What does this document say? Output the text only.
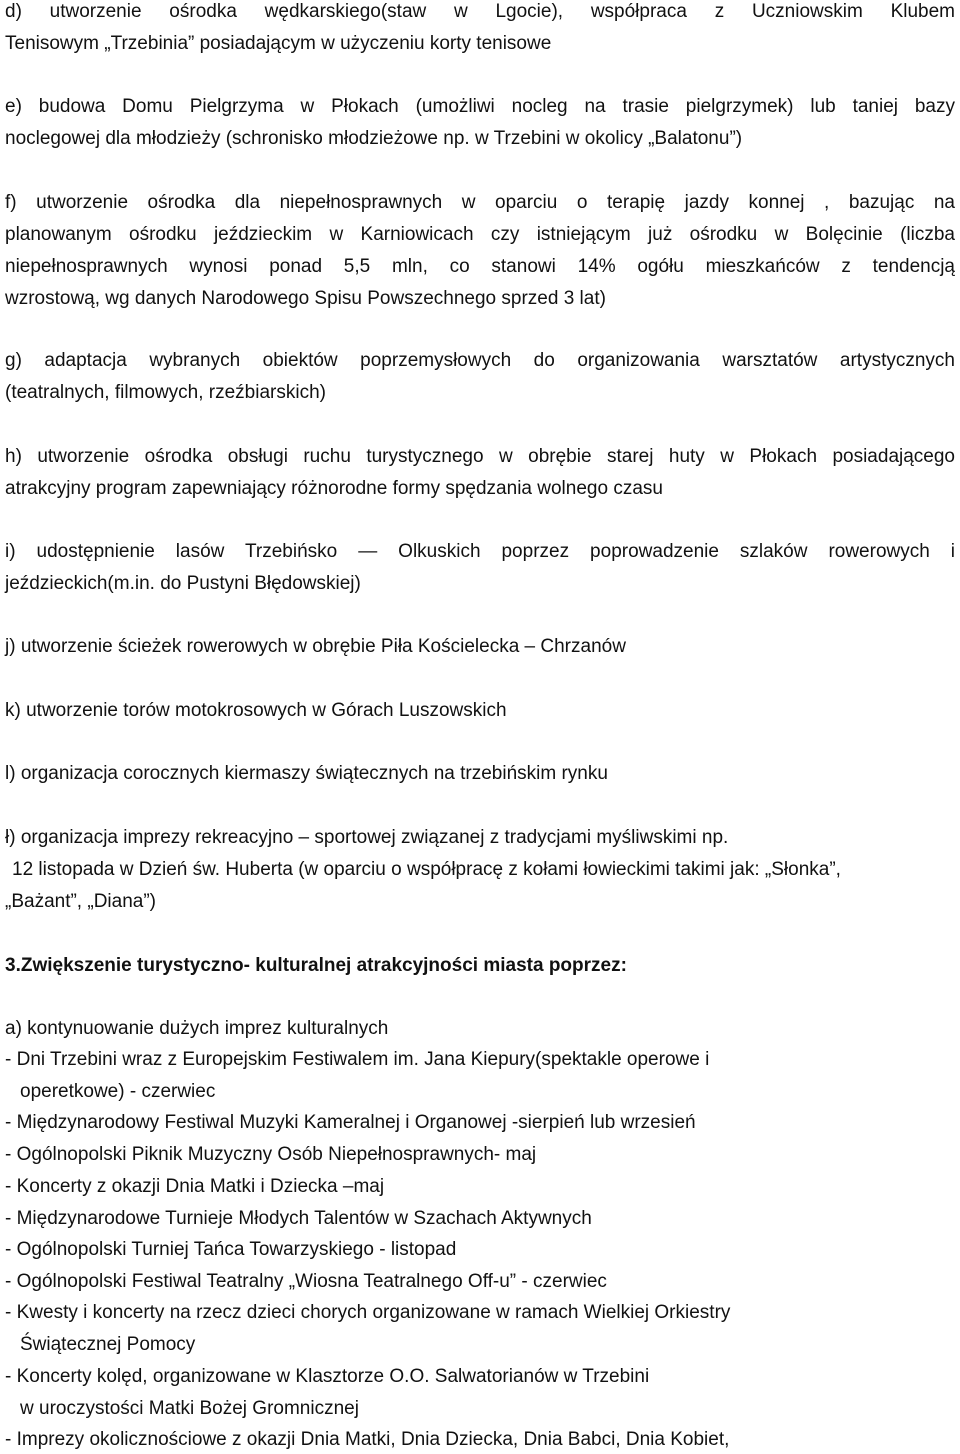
d) utworzenie ośrodka wędkarskiego(staw w Lgocie), współpraca z Uczniowskim Klubem
Tenisowym „Trzebinia” posiadającym w użyczeniu korty tenisowe
e) budowa Domu Pielgrzyma w Płokach (umożliwi nocleg na trasie pielgrzymek) lub taniej bazy
noclegowej dla młodzieży (schronisko młodzieżowe np. w Trzebini w okolicy „Balatonu”)
f) utworzenie ośrodka dla niepełnosprawnych w oparciu o terapię jazdy konnej , bazując na
planowanym ośrodku jeździeckim w Karniowicach czy istniejącym już ośrodku w Bolęcinie (liczba
niepełnosprawnych wynosi ponad 5,5 mln, co stanowi 14% ogółu mieszkańców z tendencją
wzrostową, wg danych Narodowego Spisu Powszechnego sprzed 3 lat)
g) adaptacja wybranych obiektów poprzemysłowych do organizowania warsztatów artystycznych
(teatralnych, filmowych, rzeźbiarskich)
h) utworzenie ośrodka obsługi ruchu turystycznego w obrębie starej huty w Płokach posiadającego
atrakcyjny program zapewniający różnorodne formy spędzania wolnego czasu
i) udostępnienie lasów Trzebińsko — Olkuskich poprzez poprowadzenie szlaków rowerowych i
jeździeckich(m.in. do Pustyni Błędowskiej)
j) utworzenie ścieżek rowerowych w obrębie Piła Kościelecka – Chrzanów
k) utworzenie torów motokrosowych w Górach Luszowskich
l) organizacja corocznych kiermaszy świątecznych na trzebińskim rynku
ł) organizacja imprezy rekreacyjno – sportowej związanej z tradycjami myśliwskimi np.
12 listopada w Dzień św. Huberta (w oparciu o współpracę z kołami łowieckimi takimi jak: „Słonka”,
„Bażant”, „Diana”)
3.Zwiększenie turystyczno- kulturalnej atrakcyjności miasta poprzez:
a) kontynuowanie dużych imprez kulturalnych
- Dni Trzebini wraz z Europejskim Festiwalem im. Jana Kiepury(spektakle operowe i
operetkowe) - czerwiec
- Międzynarodowy Festiwal Muzyki Kameralnej i Organowej -sierpień lub wrzesień
- Ogólnopolski Piknik Muzyczny Osób Niepełnosprawnych- maj
- Koncerty z okazji Dnia Matki i Dziecka –maj
- Międzynarodowe Turnieje Młodych Talentów w Szachach Aktywnych
- Ogólnopolski Turniej Tańca Towarzyskiego - listopad
- Ogólnopolski Festiwal Teatralny „Wiosna Teatralnego Off-u” - czerwiec
- Kwesty i koncerty na rzecz dzieci chorych organizowane w ramach Wielkiej Orkiestry
Świątecznej Pomocy
- Koncerty kolęd, organizowane w Klasztorze O.O. Salwatorianów w Trzebini
w uroczystości Matki Bożej Gromnicznej
- Imprezy okolicznościowe z okazji Dnia Matki, Dnia Dziecka, Dnia Babci, Dnia Kobiet,
